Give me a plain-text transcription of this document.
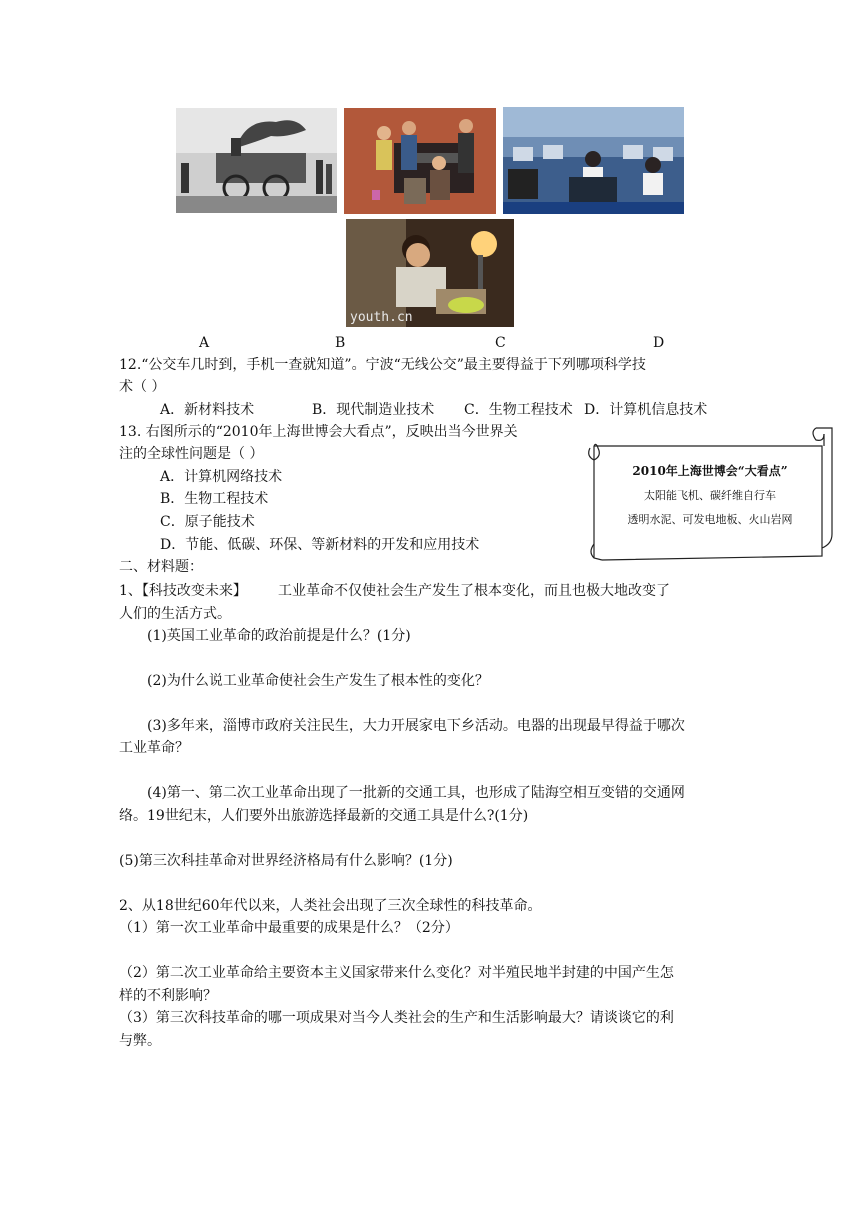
youth.cn
A	B	C	D
12.“公交车几时到，手机一查就知道”。宁波“无线公交”最主要得益于下列哪项科学技
术（ ）
A．新材料技术	B．现代制造业技术 C．生物工程技术 D．计算机信息技术
13. 右图所示的“2010年上海世博会大看点”，反映出当今世界关
注的全球性问题是（ ）
A．计算机网络技术
B．生物工程技术
C．原子能技术
D．节能、低碳、环保、等新材料的开发和应用技术
2010年上海世博会“大看点”
太阳能飞机、碳纤维自行车
透明水泥、可发电地板、火山岩网
二、材料题：
1、【科技改变未来】       工业革命不仅使社会生产发生了根本变化，而且也极大地改变了
人们的生活方式。
(1)英国工业革命的政治前提是什么？(1分)
(2)为什么说工业革命使社会生产发生了根本性的变化？
(3)多年来，淄博市政府关注民生，大力开展家电下乡活动。电器的出现最早得益于哪次
工业革命？
(4)第一、第二次工业革命出现了一批新的交通工具，也形成了陆海空相互变错的交通网
络。19世纪末，人们要外出旅游选择最新的交通工具是什么?(1分)
(5)第三次科挂革命对世界经济格局有什么影响？(1分)
2、从18世纪60年代以来，人类社会出现了三次全球性的科技革命。
（1）第一次工业革命中最重要的成果是什么？（2分）
（2）第二次工业革命给主要资本主义国家带来什么变化？对半殖民地半封建的中国产生怎
样的不利影响？
（3）第三次科技革命的哪一项成果对当今人类社会的生产和生活影响最大？请谈谈它的利
与弊。
